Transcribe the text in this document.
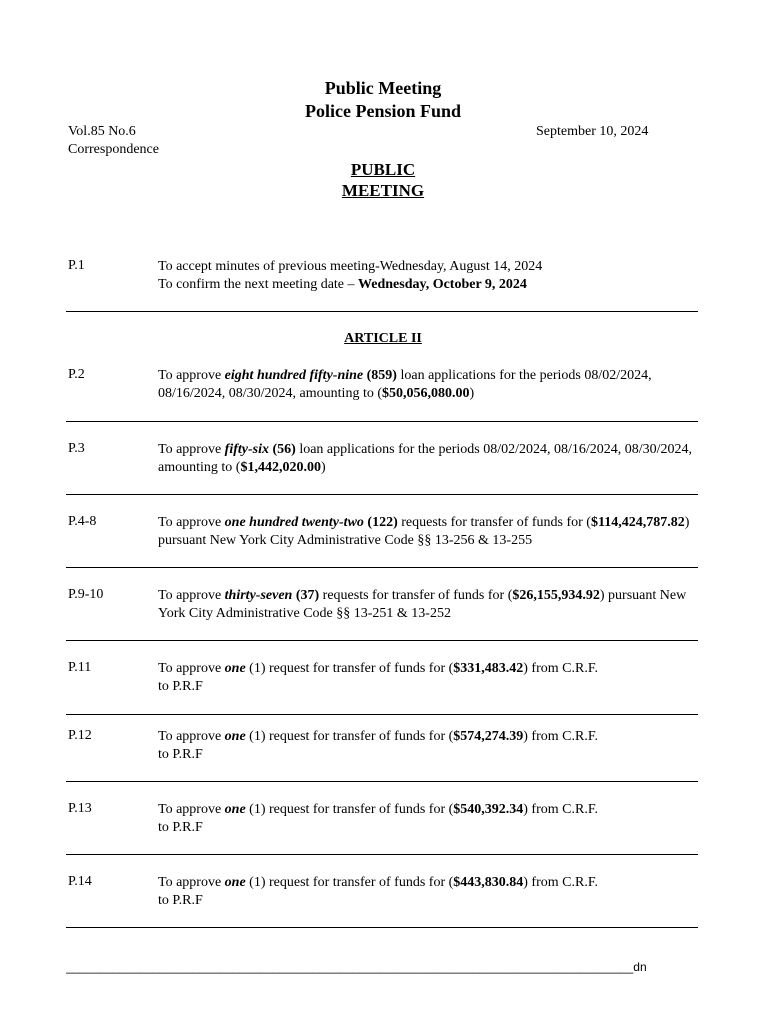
Public Meeting
Police Pension Fund
Vol.85 No.6	September 10, 2024
Correspondence
PUBLIC
MEETING
P.1	To accept minutes of previous meeting-Wednesday, August 14, 2024
To confirm the next meeting date – Wednesday, October 9, 2024
ARTICLE II
P.2	To approve eight hundred fifty-nine (859) loan applications for the periods 08/02/2024, 08/16/2024, 08/30/2024, amounting to ($50,056,080.00)
P.3	To approve fifty-six (56) loan applications for the periods 08/02/2024, 08/16/2024, 08/30/2024, amounting to ($1,442,020.00)
P.4-8	To approve one hundred twenty-two (122) requests for transfer of funds for ($114,424,787.82) pursuant New York City Administrative Code §§ 13-256 & 13-255
P.9-10	To approve thirty-seven (37) requests for transfer of funds for ($26,155,934.92) pursuant New York City Administrative Code §§ 13-251 & 13-252
P.11	To approve one (1) request for transfer of funds for ($331,483.42) from C.R.F. to P.R.F
P.12	To approve one (1) request for transfer of funds for ($574,274.39) from C.R.F. to P.R.F
P.13	To approve one (1) request for transfer of funds for ($540,392.34) from C.R.F. to P.R.F
P.14	To approve one (1) request for transfer of funds for ($443,830.84) from C.R.F. to P.R.F
_____________________________________________________________________________________dn
